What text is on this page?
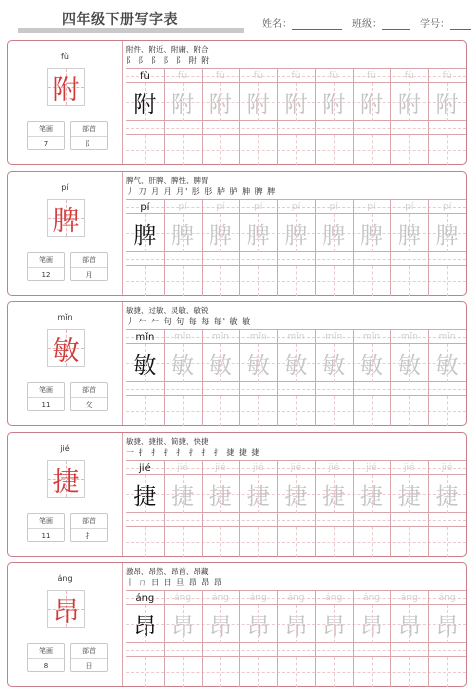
四年级下册写字表	姓名：	班级：	学号：
fù
附
笔画
7
部首
阝
附件、附近、附庸、附合
阝 阝 阝 阝 阝 附 附
fù	fù	fù	fù	fù	fù	fù	fù	fù
附 附 附 附 附 附 附 附 附
pí
脾
笔画
12
部首
月
脾气、肝脾、脾性、脾胃
丿 刀 月 月 月' 肜 肜 胪 胪 胂 脾 脾
pí	pí	pí	pí	pí	pí	pí	pí	pí
脾 脾 脾 脾 脾 脾 脾 脾 脾
mǐn
敏
笔画
11
部首
攵
敏捷、过敏、灵敏、敏锐
丿 𠂉 𠂉 句 句 每 每 每' 敏 敏
mǐn	mǐn	mǐn	mǐn	mǐn	mǐn	mǐn	mǐn	mǐn
敏 敏 敏 敏 敏 敏 敏 敏 敏
jié
捷
笔画
11
部首
扌
敏捷、捷报、简捷、快捷
一 扌 扌 扌 扌 扌 扌 扌 捷 捷 捷
jié	jié	jié	jié	jié	jié	jié	jié	jié
捷 捷 捷 捷 捷 捷 捷 捷 捷
áng
昂
笔画
8
部首
日
激昂、昂然、昂首、昂藏
丨 ㄇ 日 日 旦 昂 昂 昂
áng	áng	áng	áng	áng	áng	áng	áng	áng
昂 昂 昂 昂 昂 昂 昂 昂 昂
